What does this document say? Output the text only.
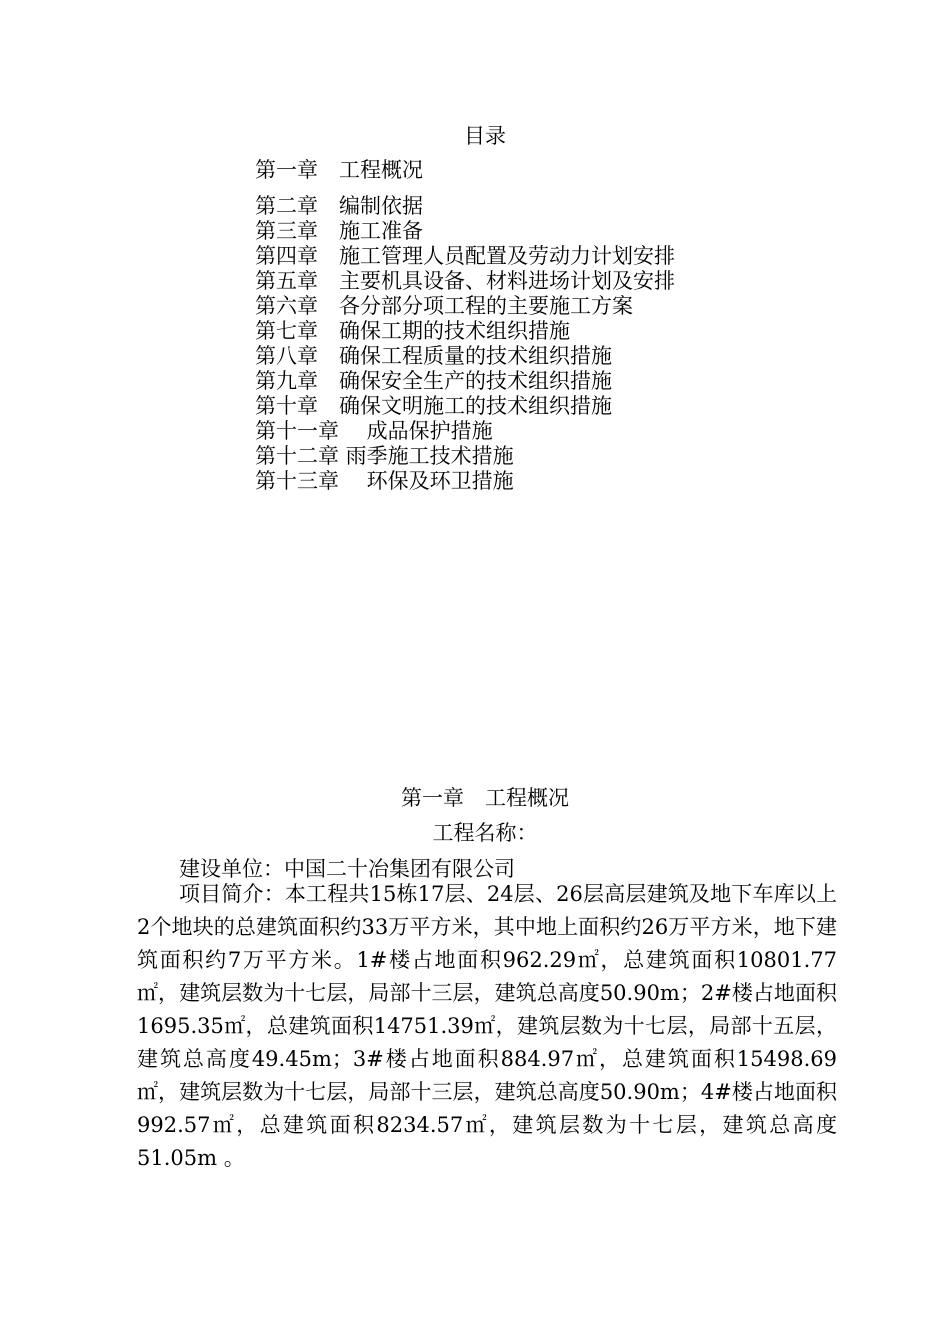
目录
第一章　工程概况
第二章　编制依据
第三章　施工准备
第四章　施工管理人员配置及劳动力计划安排
第五章　主要机具设备、材料进场计划及安排
第六章　各分部分项工程的主要施工方案
第七章　确保工期的技术组织措施
第八章　确保工程质量的技术组织措施
第九章　确保安全生产的技术组织措施
第十章　确保文明施工的技术组织措施
第十一章　 成品保护措施
第十二章 雨季施工技术措施
第十三章　 环保及环卫措施
第一章　工程概况
工程名称：

建设单位：中国二十冶集团有限公司

项目简介：本工程共15栋17层、24层、26层高层建筑及地下车库以上2个地块的总建筑面积约33万平方米，其中地上面积约26万平方米，地下建筑面积约7万平方米。1#楼占地面积962.29㎡，总建筑面积10801.77㎡，建筑层数为十七层，局部十三层，建筑总高度50.90m；2#楼占地面积1695.35㎡，总建筑面积14751.39㎡，建筑层数为十七层，局部十五层，建筑总高度49.45m；3#楼占地面积884.97㎡，总建筑面积15498.69㎡，建筑层数为十七层，局部十三层，建筑总高度50.90m；4#楼占地面积992.57㎡，总建筑面积8234.57㎡，建筑层数为十七层，建筑总高度51.05m 。
